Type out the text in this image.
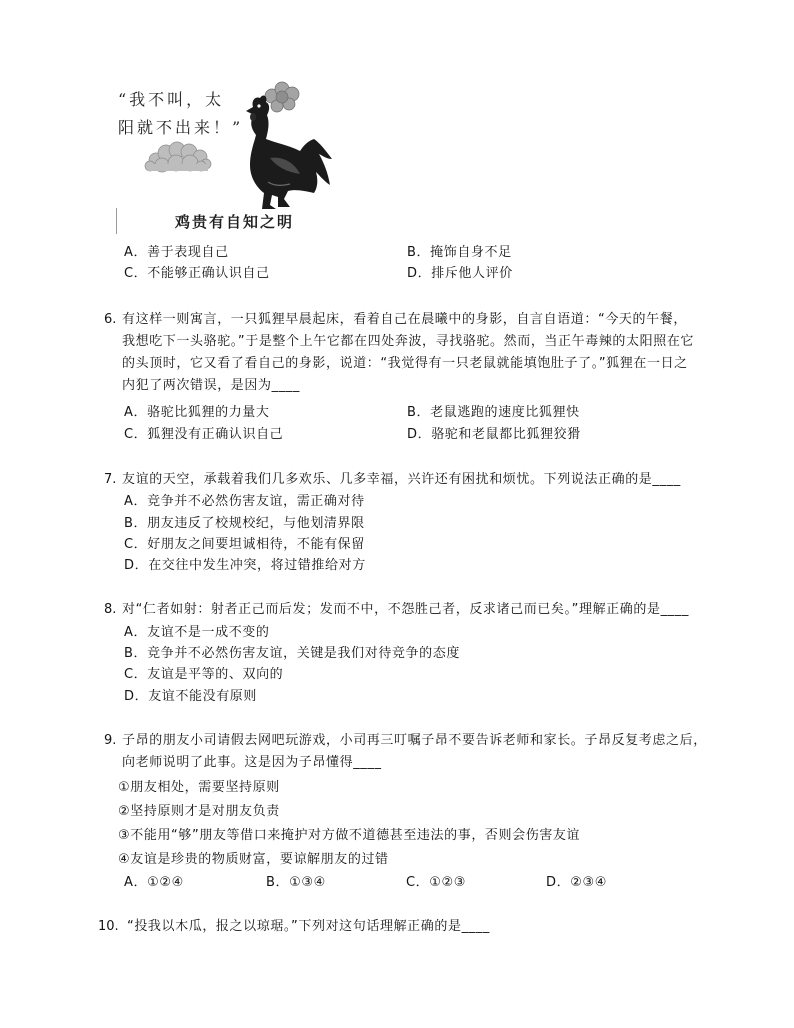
“我不叫，太
阳就不出来！”
鸡贵有自知之明
A．善于表现自己	B．掩饰自身不足
C．不能够正确认识自己	D．排斥他人评价
6. 有这样一则寓言，一只狐狸早晨起床，看着自己在晨曦中的身影，自言自语道：“今天的午餐，
我想吃下一头骆驼。”于是整个上午它都在四处奔波，寻找骆驼。然而，当正午毒辣的太阳照在它
的头顶时，它又看了看自己的身影，说道：“我觉得有一只老鼠就能填饱肚子了。”狐狸在一日之
内犯了两次错误，是因为____
A．骆驼比狐狸的力量大	B．老鼠逃跑的速度比狐狸快
C．狐狸没有正确认识自己	D．骆驼和老鼠都比狐狸狡猾
7. 友谊的天空，承载着我们几多欢乐、几多幸福，兴许还有困扰和烦忧。下列说法正确的是____
A．竞争并不必然伤害友谊，需正确对待
B．朋友违反了校规校纪，与他划清界限
C．好朋友之间要坦诚相待，不能有保留
D．在交往中发生冲突，将过错推给对方
8. 对“仁者如射：射者正己而后发；发而不中，不怨胜己者，反求诸己而已矣。”理解正确的是____
A．友谊不是一成不变的
B．竞争并不必然伤害友谊，关键是我们对待竞争的态度
C．友谊是平等的、双向的
D．友谊不能没有原则
9. 子昂的朋友小司请假去网吧玩游戏，小司再三叮嘱子昂不要告诉老师和家长。子昂反复考虑之后，
向老师说明了此事。这是因为子昂懂得____
①朋友相处，需要坚持原则
②坚持原则才是对朋友负责
③不能用“够”朋友等借口来掩护对方做不道德甚至违法的事，否则会伤害友谊
④友谊是珍贵的物质财富，要谅解朋友的过错
A．①②④	B．①③④	C．①②③	D．②③④
10. “投我以木瓜，报之以琼琚。”下列对这句话理解正确的是____
